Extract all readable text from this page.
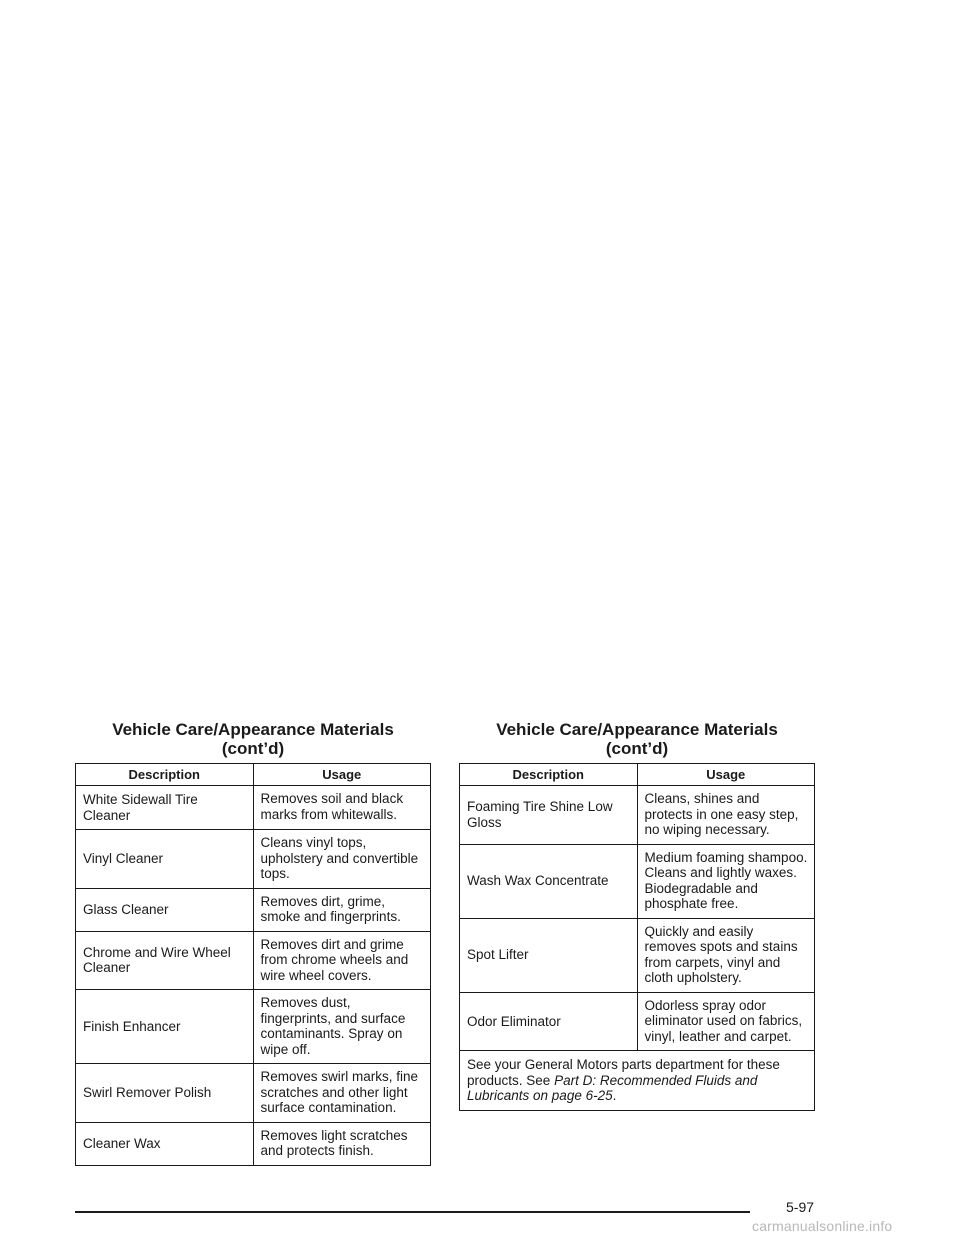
Vehicle Care/Appearance Materials
(cont’d)
Description	Usage
White Sidewall Tire Cleaner	Removes soil and black marks from whitewalls.
Vinyl Cleaner	Cleans vinyl tops, upholstery and convertible tops.
Glass Cleaner	Removes dirt, grime, smoke and fingerprints.
Chrome and Wire Wheel Cleaner	Removes dirt and grime from chrome wheels and wire wheel covers.
Finish Enhancer	Removes dust, fingerprints, and surface contaminants. Spray on wipe off.
Swirl Remover Polish	Removes swirl marks, fine scratches and other light surface contamination.
Cleaner Wax	Removes light scratches and protects finish.
Vehicle Care/Appearance Materials
(cont’d)
Description	Usage
Foaming Tire Shine Low Gloss	Cleans, shines and protects in one easy step, no wiping necessary.
Wash Wax Concentrate	Medium foaming shampoo. Cleans and lightly waxes. Biodegradable and phosphate free.
Spot Lifter	Quickly and easily removes spots and stains from carpets, vinyl and cloth upholstery.
Odor Eliminator	Odorless spray odor eliminator used on fabrics, vinyl, leather and carpet.
See your General Motors parts department for these products. See Part D: Recommended Fluids and Lubricants on page 6-25.	
5-97
carmanualsonline.info
